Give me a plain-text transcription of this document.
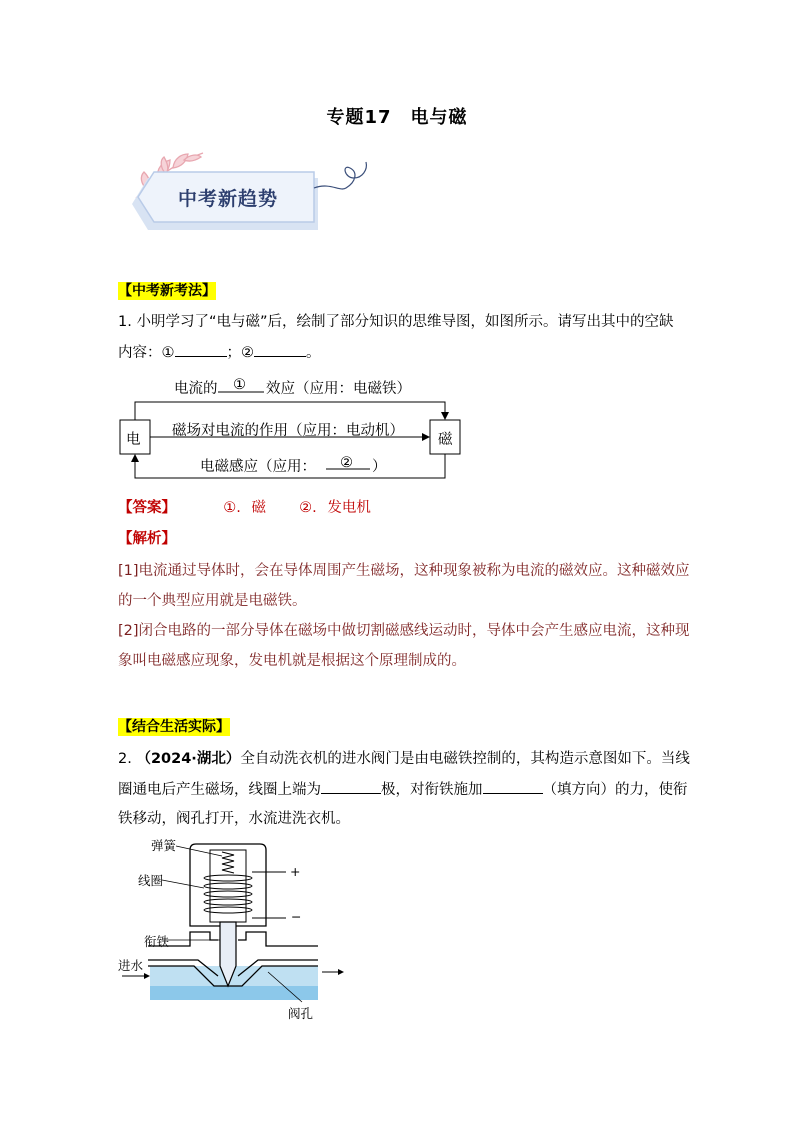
专题17　电与磁
中考新趋势
【中考新考法】
1. 小明学习了“电与磁”后，绘制了部分知识的思维导图，如图所示。请写出其中的空缺
内容：①	；②	。
电流的 ① 效应（应用：电磁铁）
电
磁场对电流的作用（应用：电动机）
磁
电磁感应（应用： ② ）
【答案】	①. 磁 ②. 发电机
【解析】
[1]电流通过导体时，会在导体周围产生磁场，这种现象被称为电流的磁效应。这种磁效应
的一个典型应用就是电磁铁。
[2]闭合电路的一部分导体在磁场中做切割磁感线运动时，导体中会产生感应电流，这种现
象叫电磁感应现象，发电机就是根据这个原理制成的。
【结合生活实际】
2. （2024·湖北）全自动洗衣机的进水阀门是由电磁铁控制的，其构造示意图如下。当线
圈通电后产生磁场，线圈上端为	极，对衔铁施加	（填方向）的力，使衔
铁移动，阀孔打开，水流进洗衣机。
弹簧
线圈
衔铁
进水
阀孔
+
−
